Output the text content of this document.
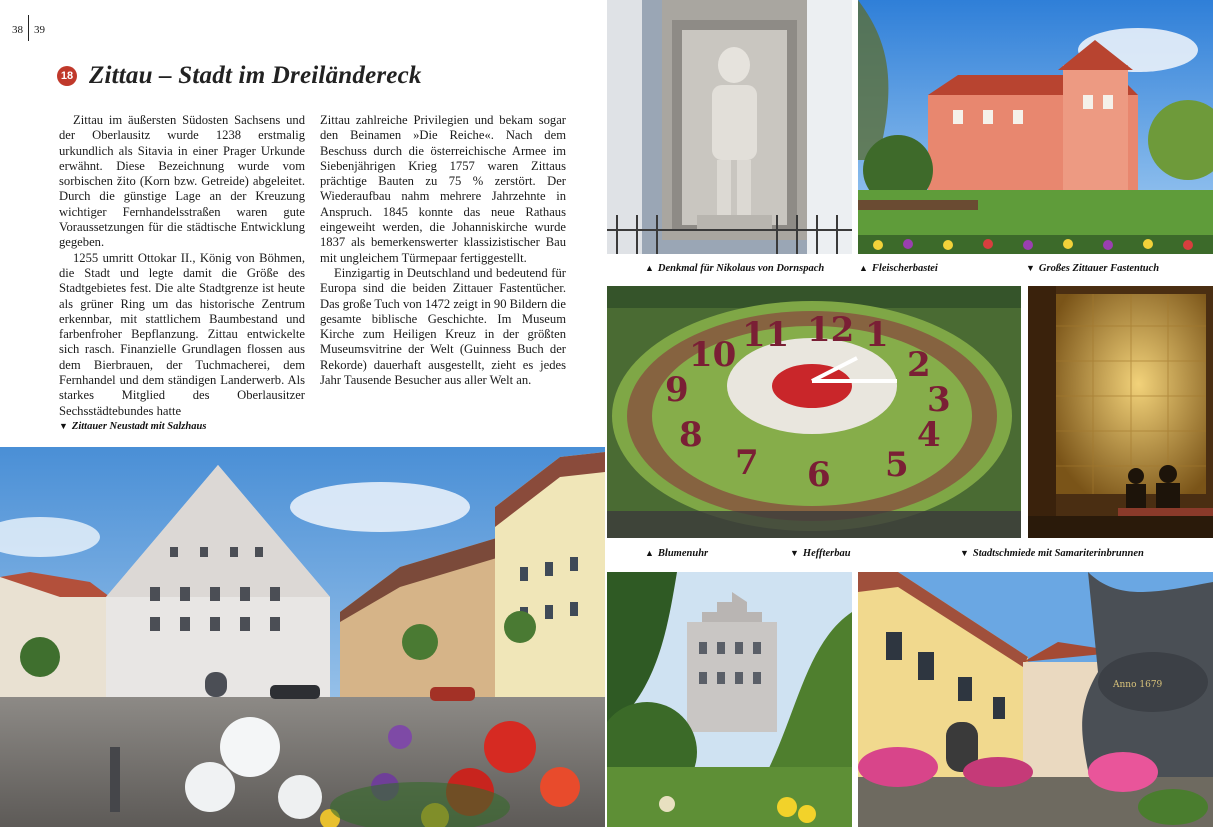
38 39
18 Zittau – Stadt im Dreiländereck

Zittau im äußersten Südosten Sachsens und der Oberlausitz wurde 1238 erstmalig urkundlich als Sitavia in einer Prager Urkunde erwähnt. Diese Bezeichnung wurde vom sorbischen žito (Korn bzw. Getreide) abgeleitet. Durch die günstige Lage an der Kreuzung wichtiger Fernhandelsstraßen waren gute Voraussetzungen für die städtische Entwicklung gegeben.

1255 umritt Ottokar II., König von Böhmen, die Stadt und legte damit die Größe des Stadtgebietes fest. Die alte Stadtgrenze ist heute als grüner Ring um das historische Zentrum erkennbar, mit stattlichem Baumbestand und farbenfroher Bepflanzung. Zittau entwickelte sich rasch. Finanzielle Grundlagen flossen aus dem Bierbrauen, der Tuchmacherei, dem Fernhandel und dem ständigen Landerwerb. Als starkes Mitglied des Oberlausitzer Sechsstädtebundes hatte

Zittau zahlreiche Privilegien und bekam sogar den Beinamen »Die Reiche«. Nach dem Beschuss durch die österreichische Armee im Siebenjährigen Krieg 1757 waren Zittaus prächtige Bauten zu 75 % zerstört. Der Wiederaufbau nahm mehrere Jahrzehnte in Anspruch. 1845 konnte das neue Rathaus eingeweiht werden, die Johanniskirche wurde 1837 als bemerkenswerter klassizistischer Bau mit ungleichem Türmepaar fertiggestellt.

Einzigartig in Deutschland und bedeutend für Europa sind die beiden Zittauer Fastentücher. Das große Tuch von 1472 zeigt in 90 Bildern die gesamte biblische Geschichte. Im Museum Kirche zum Heiligen Kreuz in der größten Museumsvitrine der Welt (Guinness Buch der Rekorde) dauerhaft ausgestellt, zieht es jedes Jahr Tausende Besucher aus aller Welt an.

▼ Zittauer Neustadt mit Salzhaus
▲ Denkmal für Nikolaus von Dornspach	▲ Fleischerbastei	▼ Großes Zittauer Fastentuch
11 12 1
2
3
4
5
6
7
8
9
10
▲ Blumenuhr	▼ Heffterbau	▼ Stadtschmiede mit Samariterinbrunnen
Anno 1679
